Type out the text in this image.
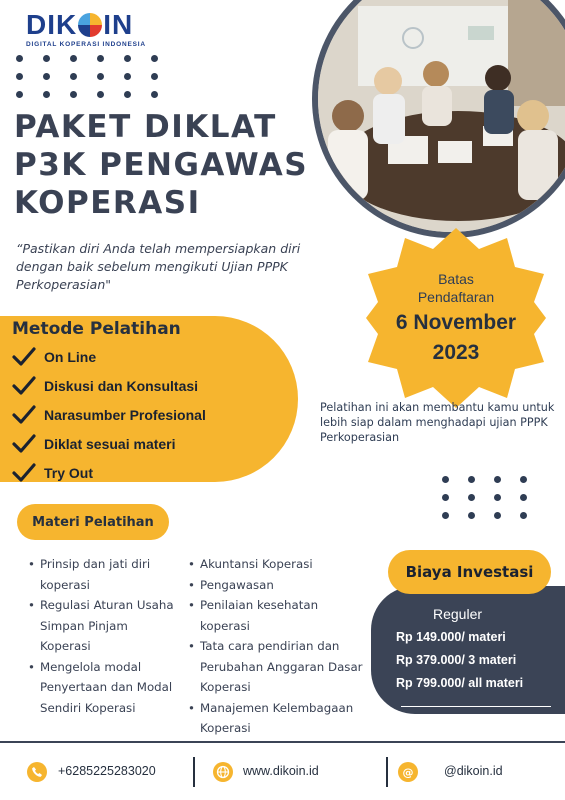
DIK IN
DIGITAL KOPERASI INDONESIA
PAKET DIKLAT
P3K PENGAWAS
KOPERASI
“Pastikan diri Anda telah mempersiapkan diri dengan baik sebelum mengikuti Ujian PPPK Perkoperasian"	Batas
Pendaftaran
6 November
2023
Metode Pelatihan
On Line
Diskusi dan Konsultasi
Narasumber Profesional
Diklat sesuai materi
Try Out
Pelatihan ini akan membantu kamu untuk lebih siap dalam menghadapi ujian PPPK Perkoperasian
Materi Pelatihan
• Prinsip dan jati diri koperasi
• Regulasi Aturan Usaha Simpan Pinjam Koperasi
• Mengelola modal Penyertaan dan Modal Sendiri Koperasi
• Akuntansi Koperasi
• Pengawasan
• Penilaian kesehatan koperasi
• Tata cara pendirian dan Perubahan Anggaran Dasar Koperasi
• Manajemen Kelembagaan Koperasi
Biaya Investasi
Reguler
Rp 149.000/ materi
Rp 379.000/ 3 materi
Rp 799.000/ all materi
+6285225283020	www.dikoin.id	@	@dikoin.id
